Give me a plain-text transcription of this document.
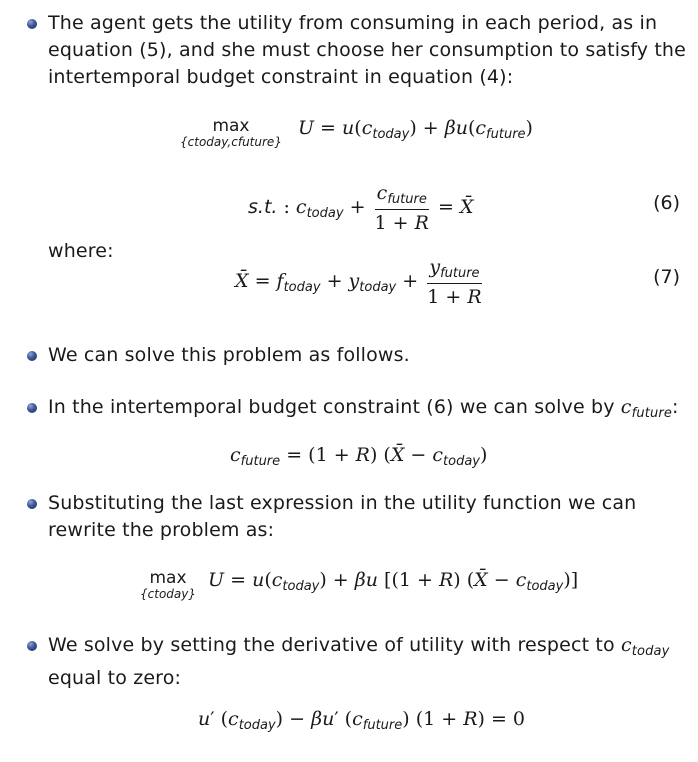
The agent gets the utility from consuming in each period, as in equation (5), and she must choose her consumption to satisfy the intertemporal budget constraint in equation (4):
max
{ctoday,cfuture}
$U = u(c_{today}) + \beta u(c_{future})$
s.t. : $c_{today} + \frac{c_{future}}{1 + R}$ = X̄	(6)
where:
X̄ = $f_{today} + y_{today} + \frac{y_{future}}{1 + R}$	(7)
We can solve this problem as follows.
In the intertemporal budget constraint (6) we can solve by $c_{future}$:
$c_{future} = (1 + R)$ (X̄ − $c_{today}$)
Substituting the last expression in the utility function we can rewrite the problem as:
max
{ctoday}
$U = u(c_{today}) + \beta u$ [(1 + R) (X̄ − $c_{today}$)]
We solve by setting the derivative of utility with respect to $c_{today}$ equal to zero:
u′ $(c_{today}) - \beta u'$ $(c_{future}) (1 + R) = 0$
